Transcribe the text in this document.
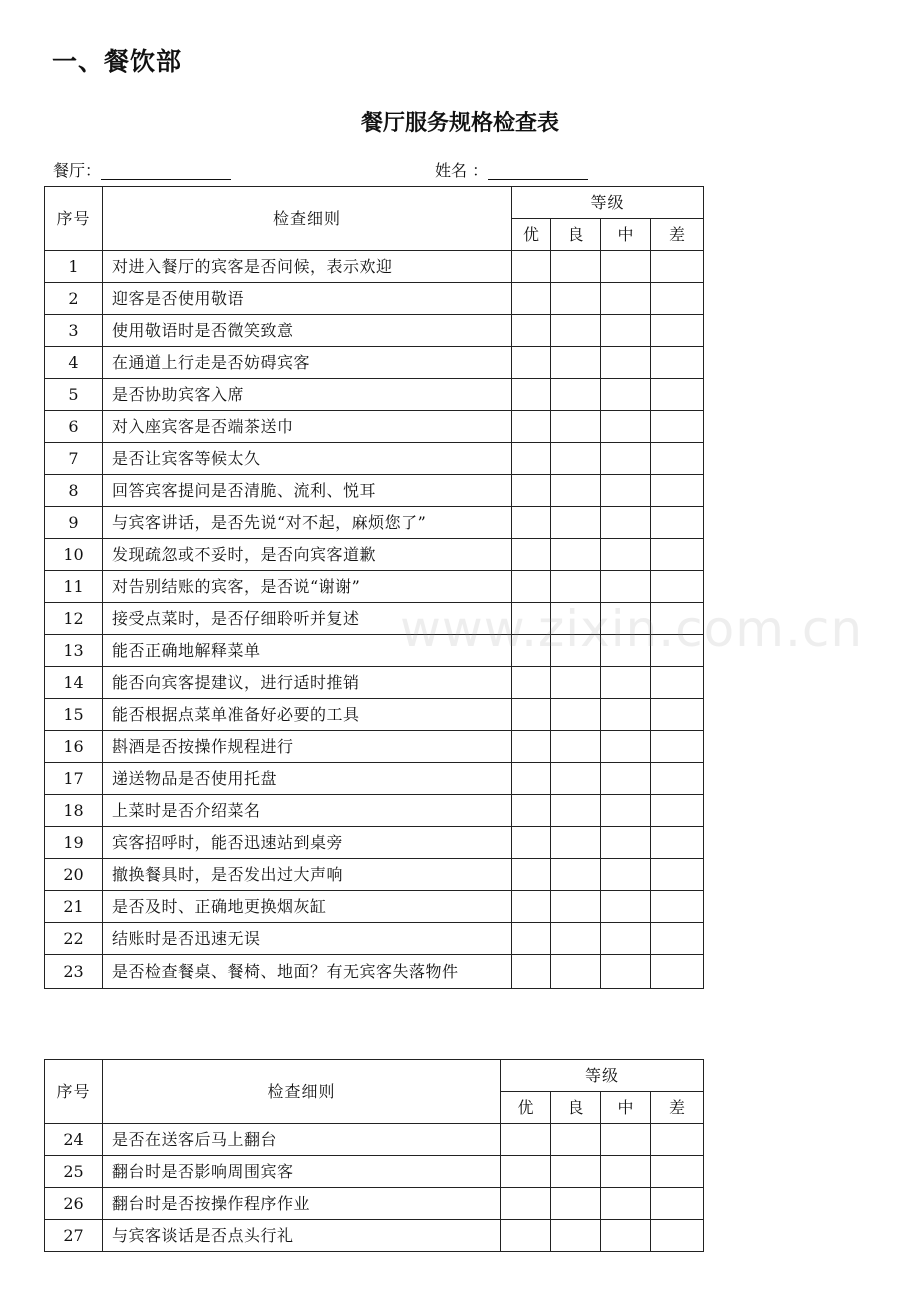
一、餐饮部
餐厅服务规格检查表
餐厅：	姓名 ：
序号	检查细则	等级			
		优	良	中	差
1	对进入餐厅的宾客是否问候，表示欢迎				
2	迎客是否使用敬语				
3	使用敬语时是否微笑致意				
4	在通道上行走是否妨碍宾客				
5	是否协助宾客入席				
6	对入座宾客是否端茶送巾				
7	是否让宾客等候太久				
8	回答宾客提问是否清脆、流利、悦耳				
9	与宾客讲话，是否先说“对不起，麻烦您了”				
10	发现疏忽或不妥时，是否向宾客道歉				
11	对告别结账的宾客，是否说“谢谢”				
12	接受点菜时，是否仔细聆听并复述				
13	能否正确地解释菜单				
14	能否向宾客提建议，进行适时推销				
15	能否根据点菜单准备好必要的工具				
16	斟酒是否按操作规程进行				
17	递送物品是否使用托盘				
18	上菜时是否介绍菜名				
19	宾客招呼时，能否迅速站到桌旁				
20	撤换餐具时，是否发出过大声响				
21	是否及时、正确地更换烟灰缸				
22	结账时是否迅速无误				
23	是否检查餐桌、餐椅、地面？有无宾客失落物件				
序号	检查细则	等级			
		优	良	中	差
24	是否在送客后马上翻台				
25	翻台时是否影响周围宾客				
26	翻台时是否按操作程序作业				
27	与宾客谈话是否点头行礼				
www.zixin.com.cn
